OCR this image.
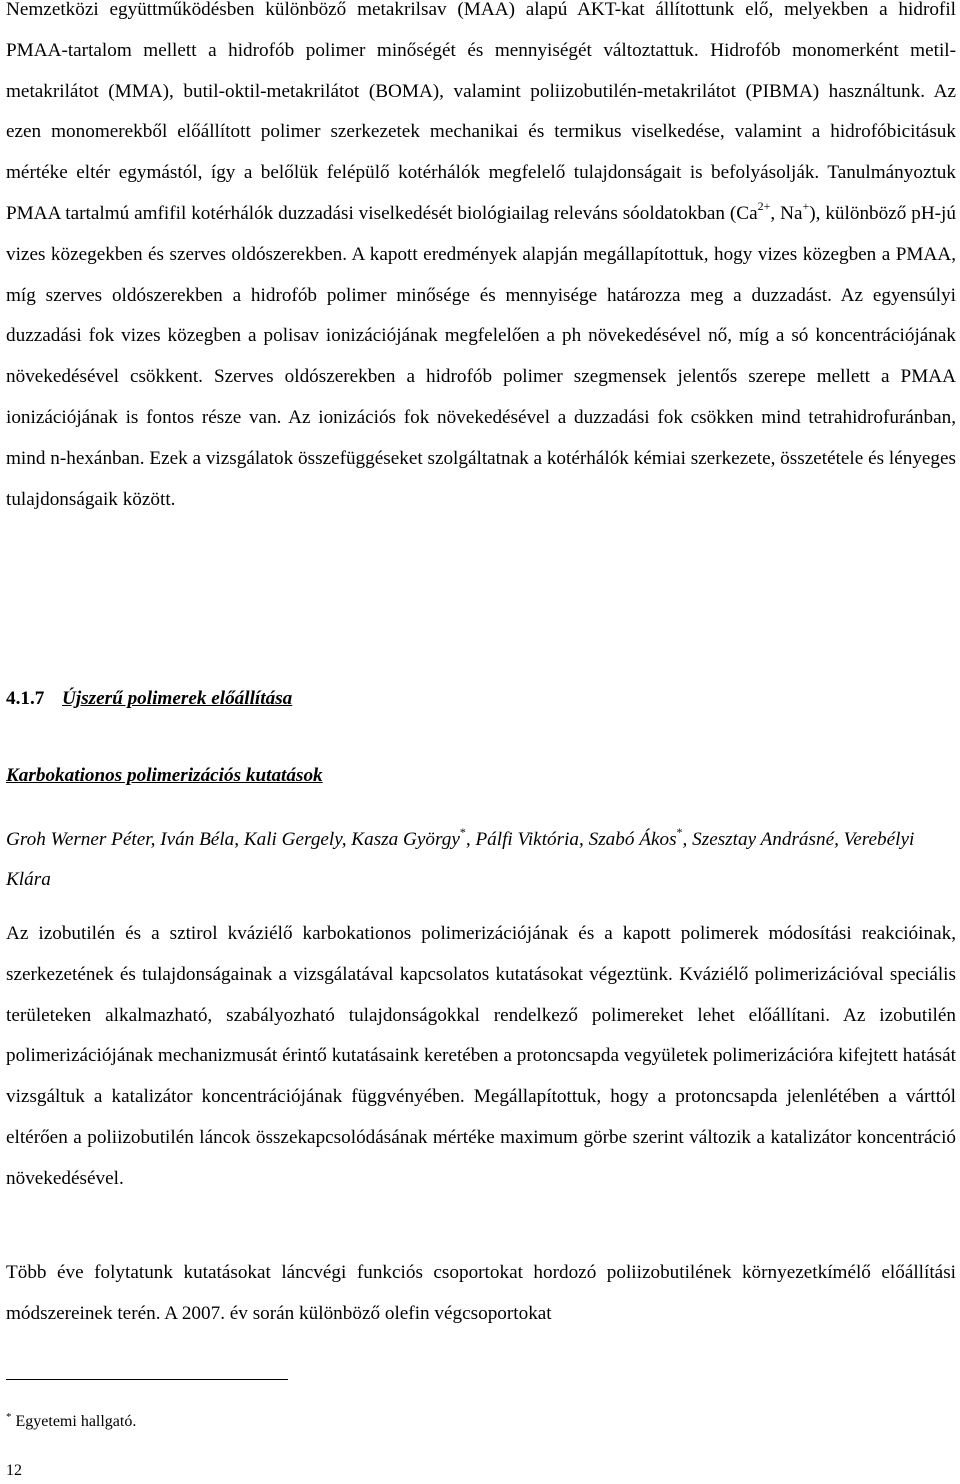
Nemzetközi együttműködésben különböző metakrilsav (MAA) alapú AKT-kat állítottunk elő, melyekben a hidrofil PMAA-tartalom mellett a hidrofób polimer minőségét és mennyiségét változtattuk. Hidrofób monomerként metil-metakrilátot (MMA), butil-oktil-metakrilátot (BOMA), valamint poliizobutilén-metakrilátot (PIBMA) használtunk. Az ezen monomerekből előállított polimer szerkezetek mechanikai és termikus viselkedése, valamint a hidrofóbicitásuk mértéke eltér egymástól, így a belőlük felépülő kotérhálók megfelelő tulajdonságait is befolyásolják. Tanulmányoztuk PMAA tartalmú amfifil kotérhálók duzzadási viselkedését biológiailag releváns sóoldatokban ($Ca^{2+}$, Na+), különböző pH-jú vizes közegekben és szerves oldószerekben. A kapott eredmények alapján megállapítottuk, hogy vizes közegben a PMAA, míg szerves oldószerekben a hidrofób polimer minősége és mennyisége határozza meg a duzzadást. Az egyensúlyi duzzadási fok vizes közegben a polisav ionizációjának megfelelően a ph növekedésével nő, míg a só koncentrációjának növekedésével csökkent. Szerves oldószerekben a hidrofób polimer szegmensek jelentős szerepe mellett a PMAA ionizációjának is fontos része van. Az ionizációs fok növekedésével a duzzadási fok csökken mind tetrahidrofuránban, mind n-hexánban. Ezek a vizsgálatok összefüggéseket szolgáltatnak a kotérhálók kémiai szerkezete, összetétele és lényeges tulajdonságaik között.

4.1.7 Újszerű polimerek előállítása
Karbokationos polimerizációs kutatások

Groh Werner Péter, Iván Béla, Kali Gergely, Kasza György*, Pálfi Viktória, Szabó Ákos*, Szesztay Andrásné, Verebélyi Klára

Az izobutilén és a sztirol kváziélő karbokationos polimerizációjának és a kapott polimerek módosítási reakcióinak, szerkezetének és tulajdonságainak a vizsgálatával kapcsolatos kutatásokat végeztünk. Kváziélő polimerizációval speciális területeken alkalmazható, szabályozható tulajdonságokkal rendelkező polimereket lehet előállítani. Az izobutilén polimerizációjának mechanizmusát érintő kutatásaink keretében a protoncsapda vegyületek polimerizációra kifejtett hatását vizsgáltuk a katalizátor koncentrációjának függvényében. Megállapítottuk, hogy a protoncsapda jelenlétében a várttól eltérően a poliizobutilén láncok összekapcsolódásának mértéke maximum görbe szerint változik a katalizátor koncentráció növekedésével.

Több éve folytatunk kutatásokat láncvégi funkciós csoportokat hordozó poliizobutilének környezetkímélő előállítási módszereinek terén. A 2007. év során különböző olefin végcsoportokat

* Egyetemi hallgató.
12
